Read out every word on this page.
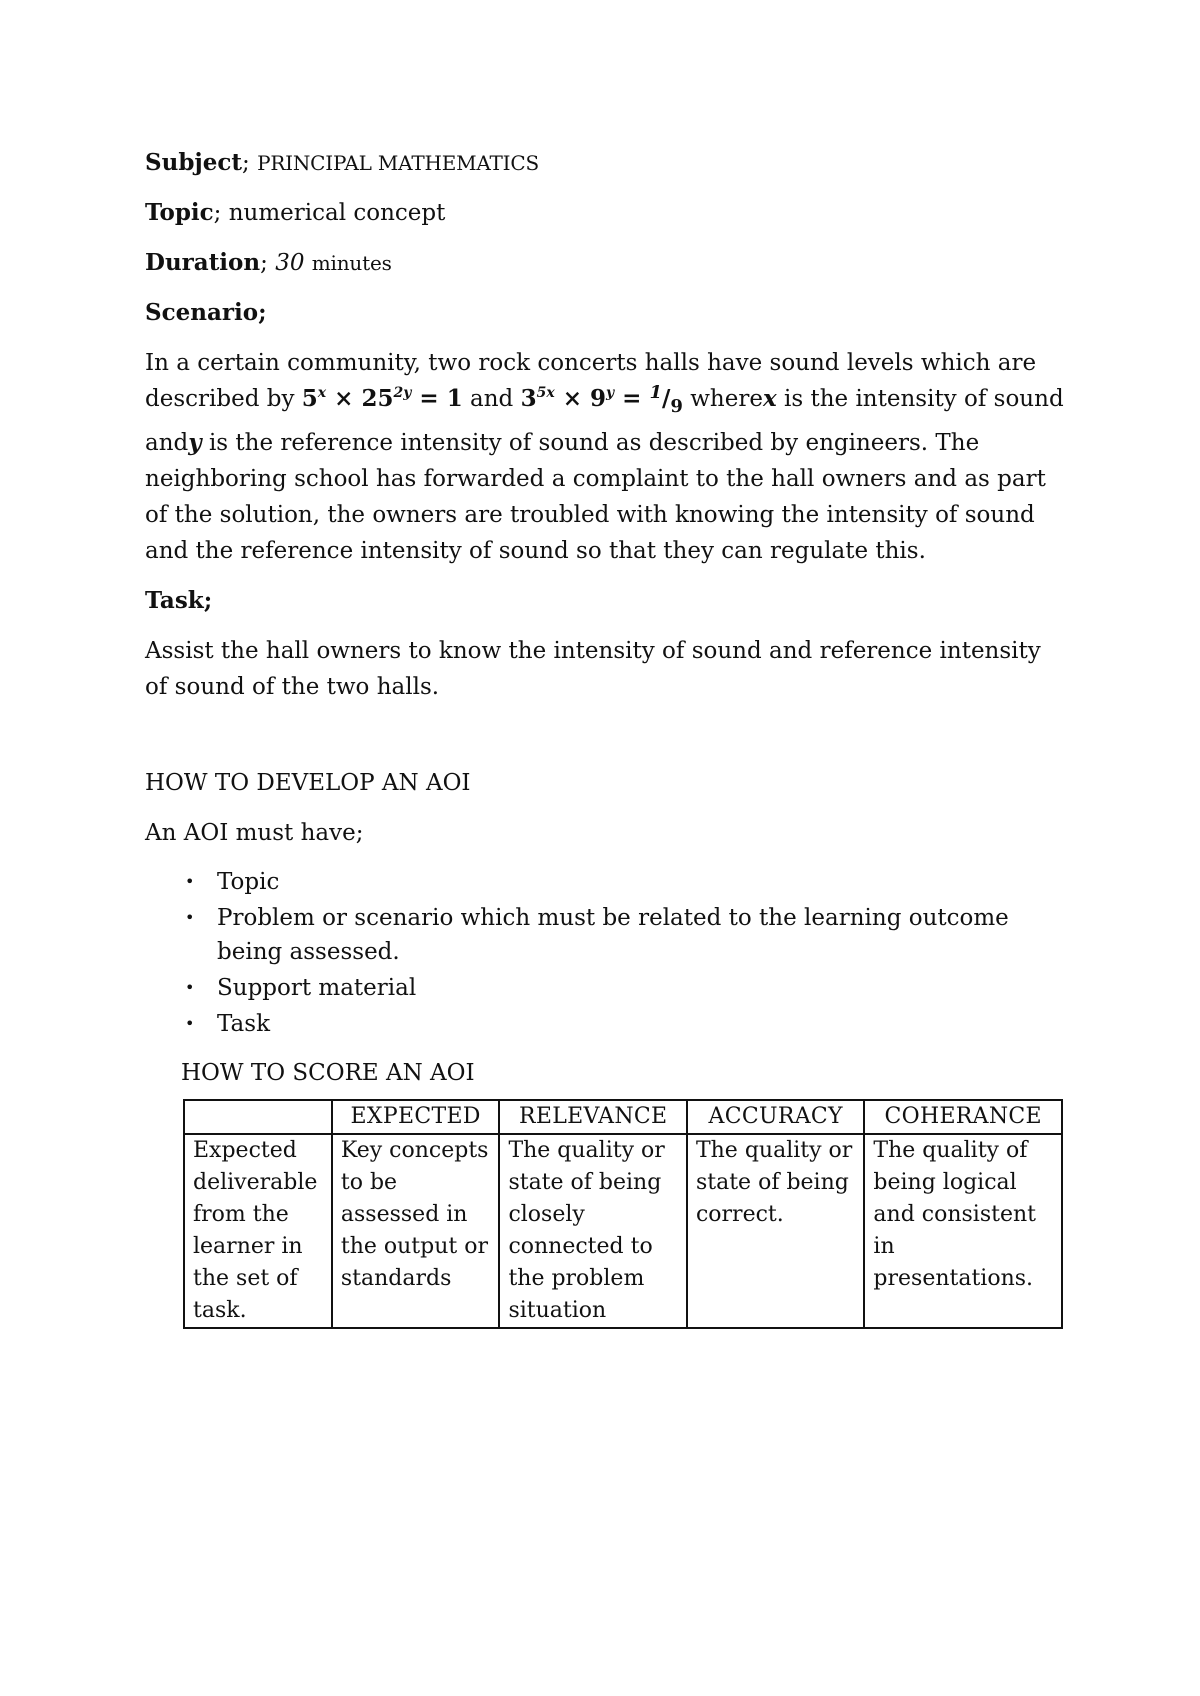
Subject; PRINCIPAL MATHEMATICS
Topic; numerical concept
Duration; 30 minutes
Scenario;
In a certain community, two rock concerts halls have sound levels which are described by $5^x \times 25^{2y} = 1$ and $3^{5x} \times 9^y = ^1/_9$ wherex is the intensity of sound andy is the reference intensity of sound as described by engineers. The neighboring school has forwarded a complaint to the hall owners and as part of the solution, the owners are troubled with knowing the intensity of sound and the reference intensity of sound so that they can regulate this.
Task;
Assist the hall owners to know the intensity of sound and reference intensity of sound of the two halls.
HOW TO DEVELOP AN AOI
An AOI must have;
• Topic
• Problem or scenario which must be related to the learning outcome being assessed.
• Support material
• Task
HOW TO SCORE AN AOI
	EXPECTED	RELEVANCE	ACCURACY	COHERANCE
Expected deliverable from the learner in the set of task.	Key concepts to be assessed in the output or standards	The quality or state of being closely connected to the problem situation	The quality or state of being correct.	The quality of being logical and consistent in presentations.
